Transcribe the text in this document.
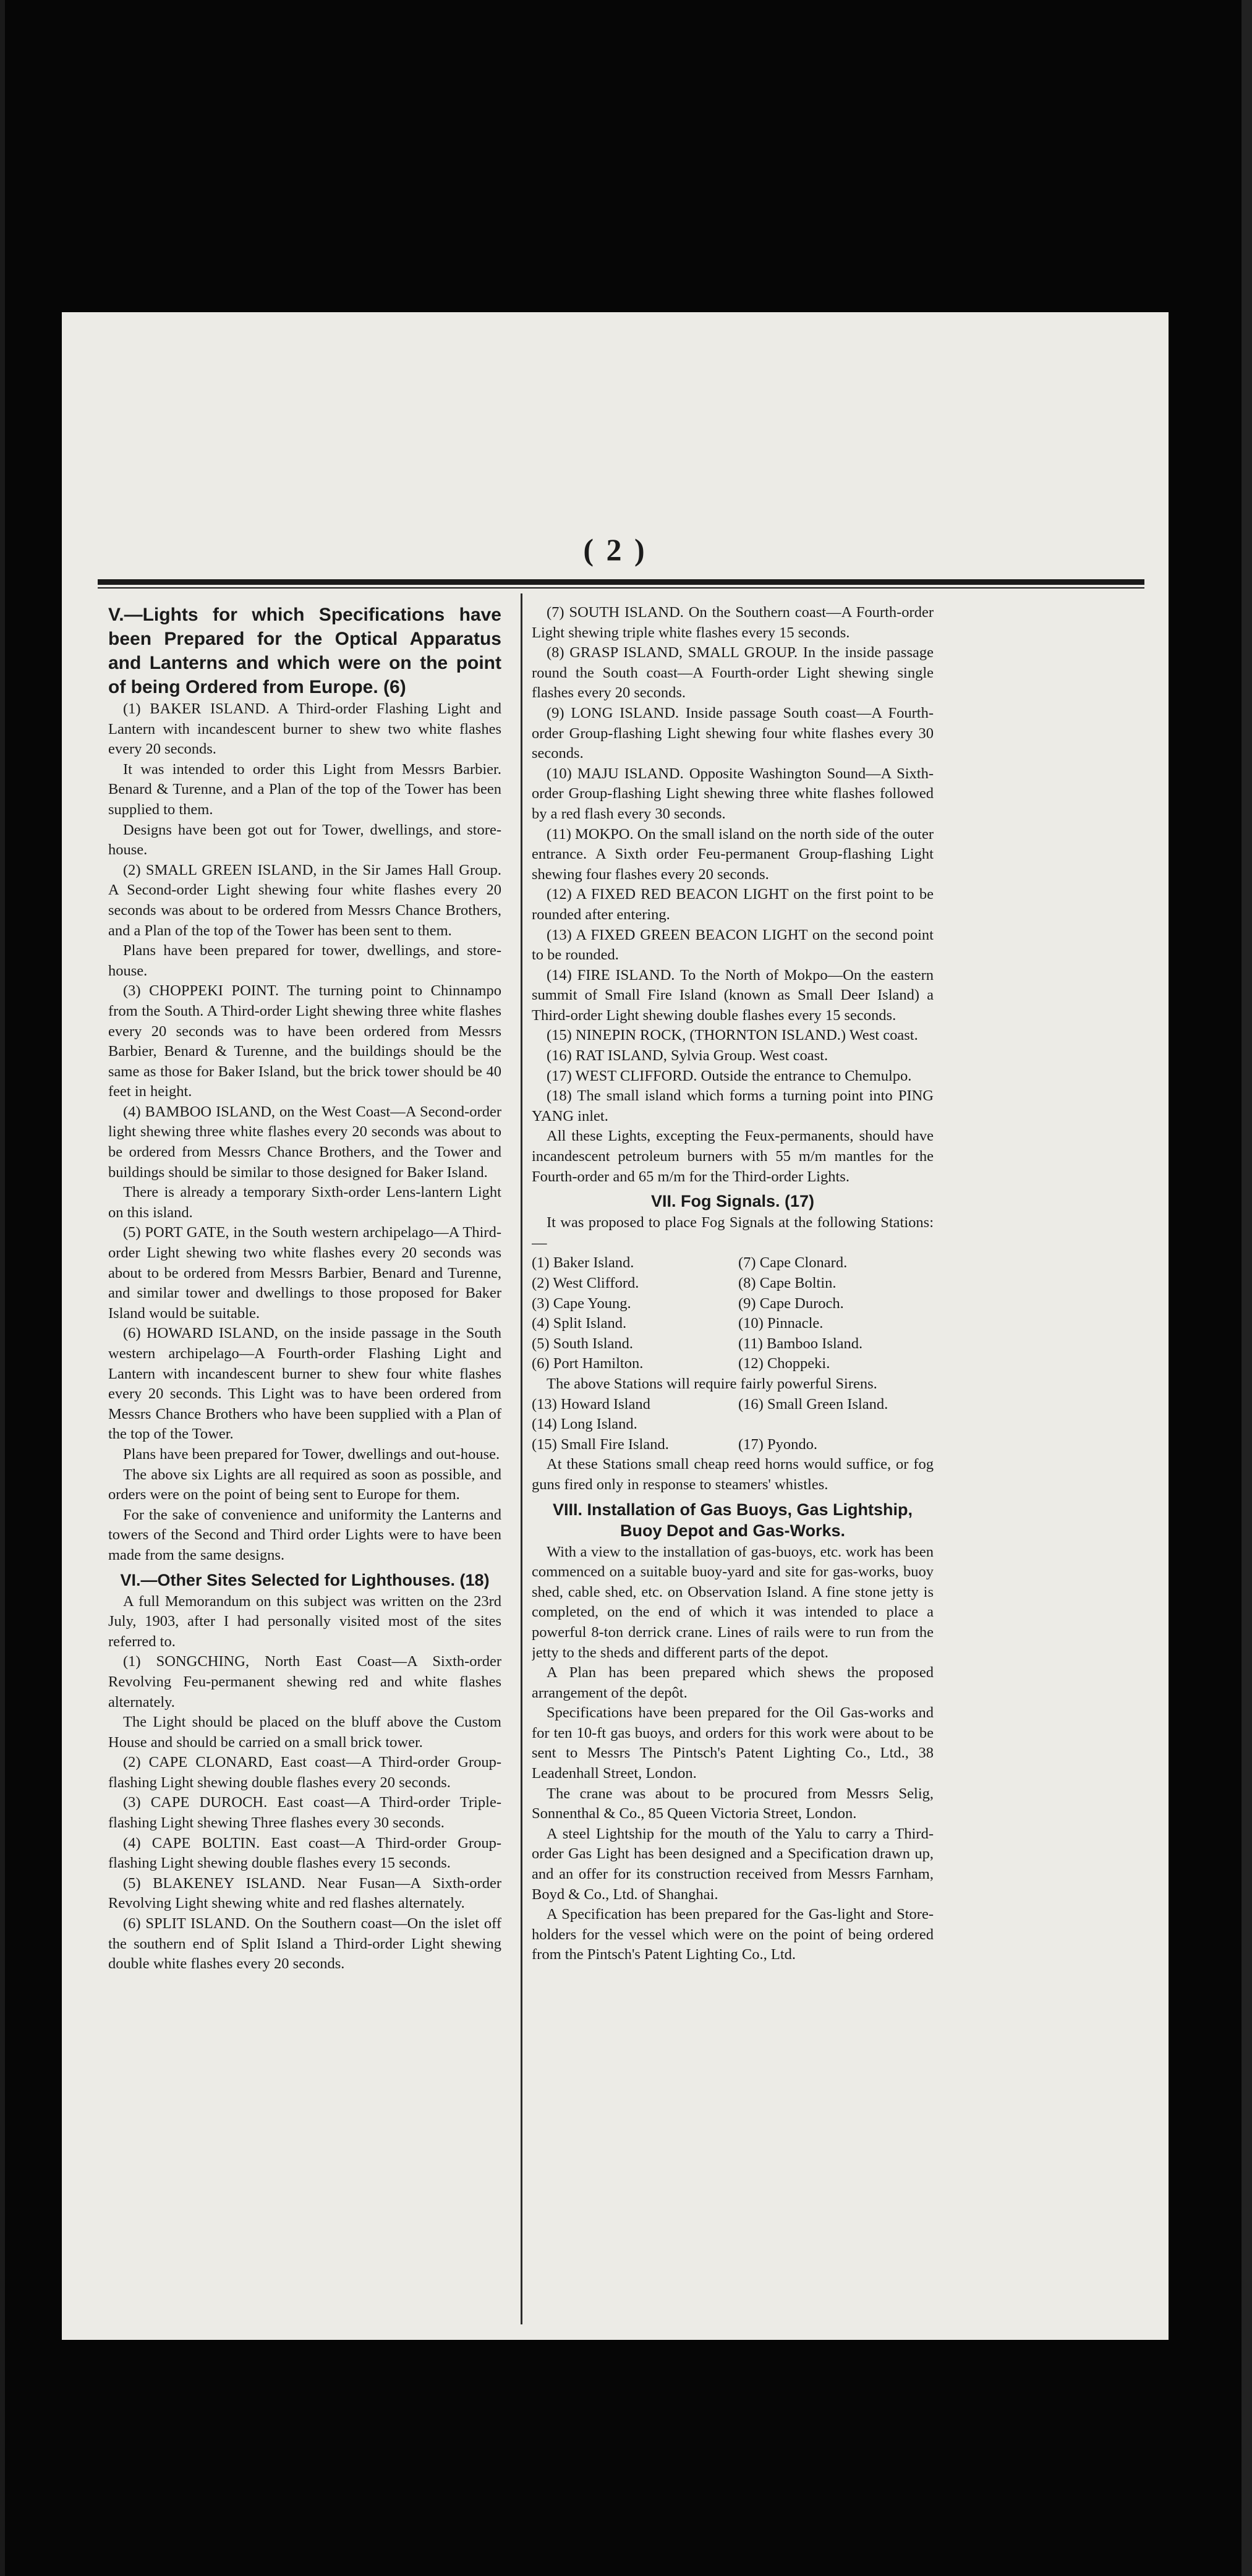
( 2 )
V.—Lights for which Specifications have been Prepared for the Optical Apparatus and Lanterns and which were on the point of being Ordered from Europe. (6)

(1) BAKER ISLAND. A Third-order Flashing Light and Lantern with incandescent burner to shew two white flashes every 20 seconds.

It was intended to order this Light from Messrs Barbier. Benard & Turenne, and a Plan of the top of the Tower has been supplied to them.

Designs have been got out for Tower, dwellings, and store-house.

(2) SMALL GREEN ISLAND, in the Sir James Hall Group. A Second-order Light shewing four white flashes every 20 seconds was about to be ordered from Messrs Chance Brothers, and a Plan of the top of the Tower has been sent to them.

Plans have been prepared for tower, dwellings, and store-house.

(3) CHOPPEKI POINT. The turning point to Chinnampo from the South. A Third-order Light shewing three white flashes every 20 seconds was to have been ordered from Messrs Barbier, Benard & Turenne, and the buildings should be the same as those for Baker Island, but the brick tower should be 40 feet in height.

(4) BAMBOO ISLAND, on the West Coast—A Second-order light shewing three white flashes every 20 seconds was about to be ordered from Messrs Chance Brothers, and the Tower and buildings should be similar to those designed for Baker Island.

There is already a temporary Sixth-order Lens-lantern Light on this island.

(5) PORT GATE, in the South western archipelago—A Third-order Light shewing two white flashes every 20 seconds was about to be ordered from Messrs Barbier, Benard and Turenne, and similar tower and dwellings to those proposed for Baker Island would be suitable.

(6) HOWARD ISLAND, on the inside passage in the South western archipelago—A Fourth-order Flashing Light and Lantern with incandescent burner to shew four white flashes every 20 seconds. This Light was to have been ordered from Messrs Chance Brothers who have been supplied with a Plan of the top of the Tower.

Plans have been prepared for Tower, dwellings and out-house.

The above six Lights are all required as soon as possible, and orders were on the point of being sent to Europe for them.

For the sake of convenience and uniformity the Lanterns and towers of the Second and Third order Lights were to have been made from the same designs.

VI.—Other Sites Selected for Lighthouses. (18)

A full Memorandum on this subject was written on the 23rd July, 1903, after I had personally visited most of the sites referred to.

(1) SONGCHING, North East Coast—A Sixth-order Revolving Feu-permanent shewing red and white flashes alternately.

The Light should be placed on the bluff above the Custom House and should be carried on a small brick tower.

(2) CAPE CLONARD, East coast—A Third-order Group-flashing Light shewing double flashes every 20 seconds.

(3) CAPE DUROCH. East coast—A Third-order Triple-flashing Light shewing Three flashes every 30 seconds.

(4) CAPE BOLTIN. East coast—A Third-order Group-flashing Light shewing double flashes every 15 seconds.

(5) BLAKENEY ISLAND. Near Fusan—A Sixth-order Revolving Light shewing white and red flashes alternately.

(6) SPLIT ISLAND. On the Southern coast—On the islet off the southern end of Split Island a Third-order Light shewing double white flashes every 20 seconds.

(7) SOUTH ISLAND. On the Southern coast—A Fourth-order Light shewing triple white flashes every 15 seconds.

(8) GRASP ISLAND, SMALL GROUP. In the inside passage round the South coast—A Fourth-order Light shewing single flashes every 20 seconds.

(9) LONG ISLAND. Inside passage South coast—A Fourth-order Group-flashing Light shewing four white flashes every 30 seconds.

(10) MAJU ISLAND. Opposite Washington Sound—A Sixth-order Group-flashing Light shewing three white flashes followed by a red flash every 30 seconds.

(11) MOKPO. On the small island on the north side of the outer entrance. A Sixth order Feu-permanent Group-flashing Light shewing four flashes every 20 seconds.

(12) A FIXED RED BEACON LIGHT on the first point to be rounded after entering.

(13) A FIXED GREEN BEACON LIGHT on the second point to be rounded.

(14) FIRE ISLAND. To the North of Mokpo—On the eastern summit of Small Fire Island (known as Small Deer Island) a Third-order Light shewing double flashes every 15 seconds.

(15) NINEPIN ROCK, (THORNTON ISLAND.) West coast.

(16) RAT ISLAND, Sylvia Group. West coast.

(17) WEST CLIFFORD. Outside the entrance to Chemulpo.

(18) The small island which forms a turning point into PING YANG inlet.

All these Lights, excepting the Feux-permanents, should have incandescent petroleum burners with 55 m/m mantles for the Fourth-order and 65 m/m for the Third-order Lights.

VII. Fog Signals. (17)

It was proposed to place Fog Signals at the following Stations:—

(1) Baker Island.	(7) Cape Clonard.
(2) West Clifford.	(8) Cape Boltin.
(3) Cape Young.	(9) Cape Duroch.
(4) Split Island.	(10) Pinnacle.
(5) South Island.	(11) Bamboo Island.
(6) Port Hamilton.	(12) Choppeki.

The above Stations will require fairly powerful Sirens.

(13) Howard Island	(16) Small Green Island.
(14) Long Island.
(15) Small Fire Island.	(17) Pyondo.

At these Stations small cheap reed horns would suffice, or fog guns fired only in response to steamers' whistles.

VIII. Installation of Gas Buoys, Gas Lightship, Buoy Depot and Gas-Works.

With a view to the installation of gas-buoys, etc. work has been commenced on a suitable buoy-yard and site for gas-works, buoy shed, cable shed, etc. on Observation Island. A fine stone jetty is completed, on the end of which it was intended to place a powerful 8-ton derrick crane. Lines of rails were to run from the jetty to the sheds and different parts of the depot.

A Plan has been prepared which shews the proposed arrangement of the depôt.

Specifications have been prepared for the Oil Gas-works and for ten 10-ft gas buoys, and orders for this work were about to be sent to Messrs The Pintsch's Patent Lighting Co., Ltd., 38 Leadenhall Street, London.

The crane was about to be procured from Messrs Selig, Sonnenthal & Co., 85 Queen Victoria Street, London.

A steel Lightship for the mouth of the Yalu to carry a Third-order Gas Light has been designed and a Specification drawn up, and an offer for its construction received from Messrs Farnham, Boyd & Co., Ltd. of Shanghai.

A Specification has been prepared for the Gas-light and Store-holders for the vessel which were on the point of being ordered from the Pintsch's Patent Lighting Co., Ltd.
